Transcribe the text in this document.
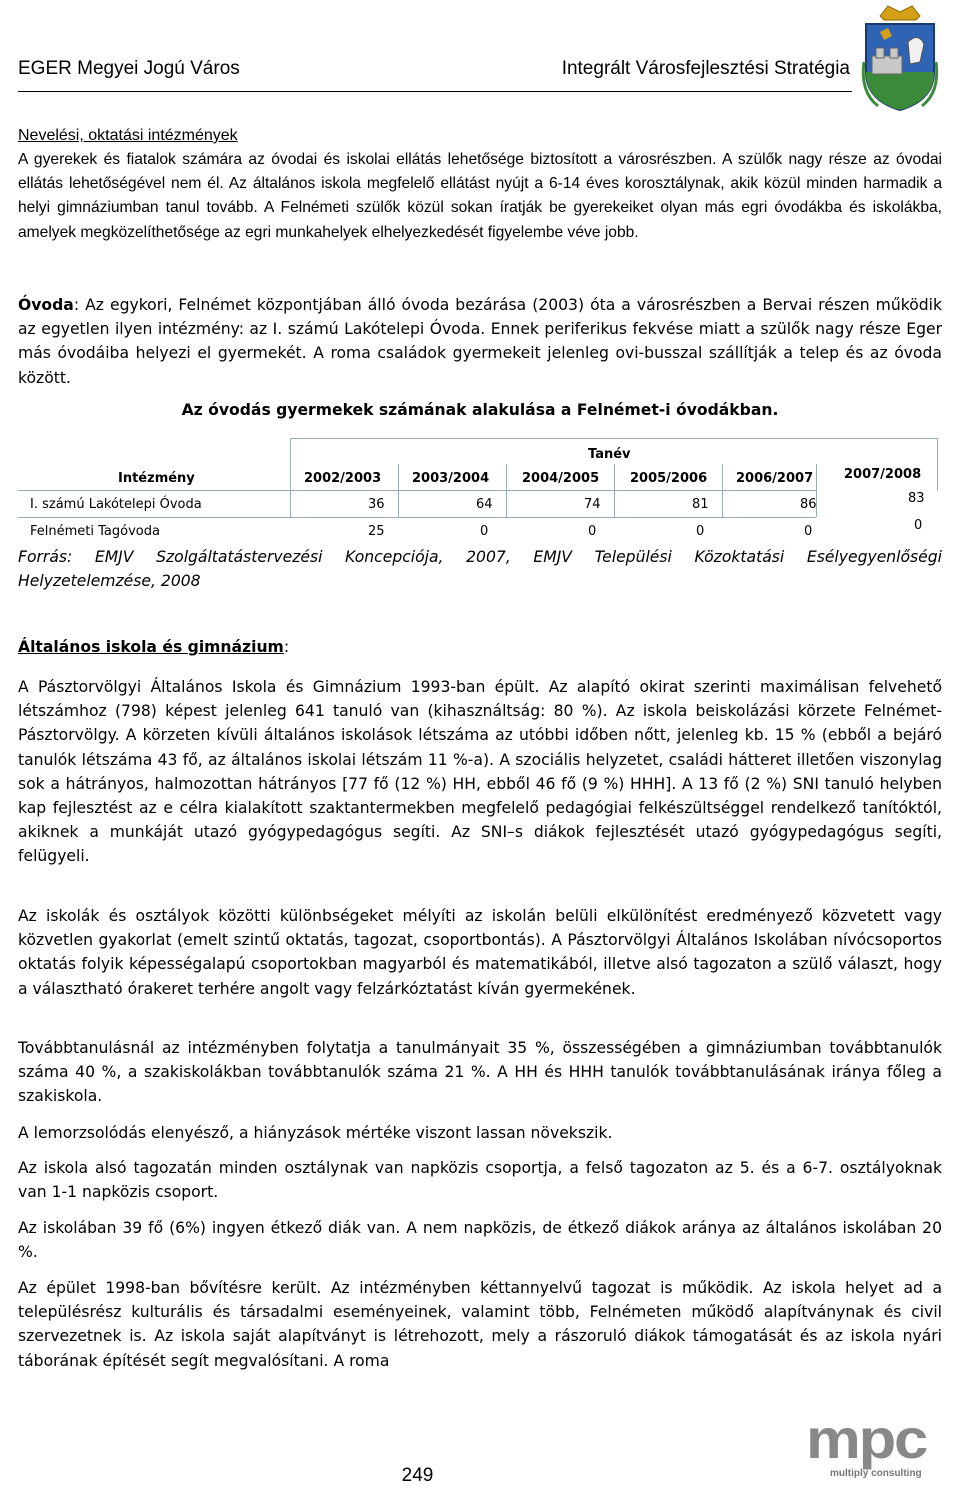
EGER Megyei Jogú Város	Integrált Városfejlesztési Stratégia
Nevelési, oktatási intézmények
A gyerekek és fiatalok számára az óvodai és iskolai ellátás lehetősége biztosított a városrészben. A szülők nagy része az óvodai ellátás lehetőségével nem él. Az általános iskola megfelelő ellátást nyújt a 6-14 éves korosztálynak, akik közül minden harmadik a helyi gimnáziumban tanul tovább. A Felnémeti szülők közül sokan íratják be gyerekeiket olyan más egri óvodákba és iskolákba, amelyek megközelíthetősége az egri munkahelyek elhelyezkedését figyelembe véve jobb.
Óvoda: Az egykori, Felnémet központjában álló óvoda bezárása (2003) óta a városrészben a Bervai részen működik az egyetlen ilyen intézmény: az I. számú Lakótelepi Óvoda. Ennek periferikus fekvése miatt a szülők nagy része Eger más óvodáiba helyezi el gyermekét. A roma családok gyermekeit jelenleg ovi-busszal szállítják a telep és az óvoda között.
Az óvodás gyermekek számának alakulása a Felnémet-i óvodákban.
Tanév
Intézmény	2002/2003 2003/2004	2004/2005 2005/2006 2006/2007 2007/2008
I. számú Lakótelepi Óvoda	36	64	74	81	86	83
Felnémeti Tagóvoda	25	0	0	0	0	0
Forrás: EMJV Szolgáltatástervezési Koncepciója, 2007, EMJV Települési Közoktatási Esélyegyenlőségi Helyzetelemzése, 2008
Általános iskola és gimnázium:
A Pásztorvölgyi Általános Iskola és Gimnázium 1993-ban épült. Az alapító okirat szerinti maximálisan felvehető létszámhoz (798) képest jelenleg 641 tanuló van (kihasználtság: 80 %). Az iskola beiskolázási körzete Felnémet-Pásztorvölgy. A körzeten kívüli általános iskolások létszáma az utóbbi időben nőtt, jelenleg kb. 15 % (ebből a bejáró tanulók létszáma 43 fő, az általános iskolai létszám 11 %-a). A szociális helyzetet, családi hátteret illetően viszonylag sok a hátrányos, halmozottan hátrányos [77 fő (12 %) HH, ebből 46 fő (9 %) HHH]. A 13 fő (2 %) SNI tanuló helyben kap fejlesztést az e célra kialakított szaktantermekben megfelelő pedagógiai felkészültséggel rendelkező tanítóktól, akiknek a munkáját utazó gyógypedagógus segíti. Az SNI–s diákok fejlesztését utazó gyógypedagógus segíti, felügyeli.
Az iskolák és osztályok közötti különbségeket mélyíti az iskolán belüli elkülönítést eredményező közvetett vagy közvetlen gyakorlat (emelt szintű oktatás, tagozat, csoportbontás). A Pásztorvölgyi Általános Iskolában nívócsoportos oktatás folyik képességalapú csoportokban magyarból és matematikából, illetve alsó tagozaton a szülő választ, hogy a választható órakeret terhére angolt vagy felzárkóztatást kíván gyermekének.
Továbbtanulásnál az intézményben folytatja a tanulmányait 35 %, összességében a gimnáziumban továbbtanulók száma 40 %, a szakiskolákban továbbtanulók száma 21 %. A HH és HHH tanulók továbbtanulásának iránya főleg a szakiskola.
A lemorzsolódás elenyésző, a hiányzások mértéke viszont lassan növekszik.
Az iskola alsó tagozatán minden osztálynak van napközis csoportja, a felső tagozaton az 5. és a 6-7. osztályoknak van 1-1 napközis csoport.
Az iskolában 39 fő (6%) ingyen étkező diák van. A nem napközis, de étkező diákok aránya az általános iskolában 20 %.
Az épület 1998-ban bővítésre került. Az intézményben kéttannyelvű tagozat is működik. Az iskola helyet ad a településrész kulturális és társadalmi eseményeinek, valamint több, Felnémeten működő alapítványnak és civil szervezetnek is. Az iskola saját alapítványt is létrehozott, mely a rászoruló diákok támogatását és az iskola nyári táborának építését segít megvalósítani. A roma
249
mpc
multiply consulting
